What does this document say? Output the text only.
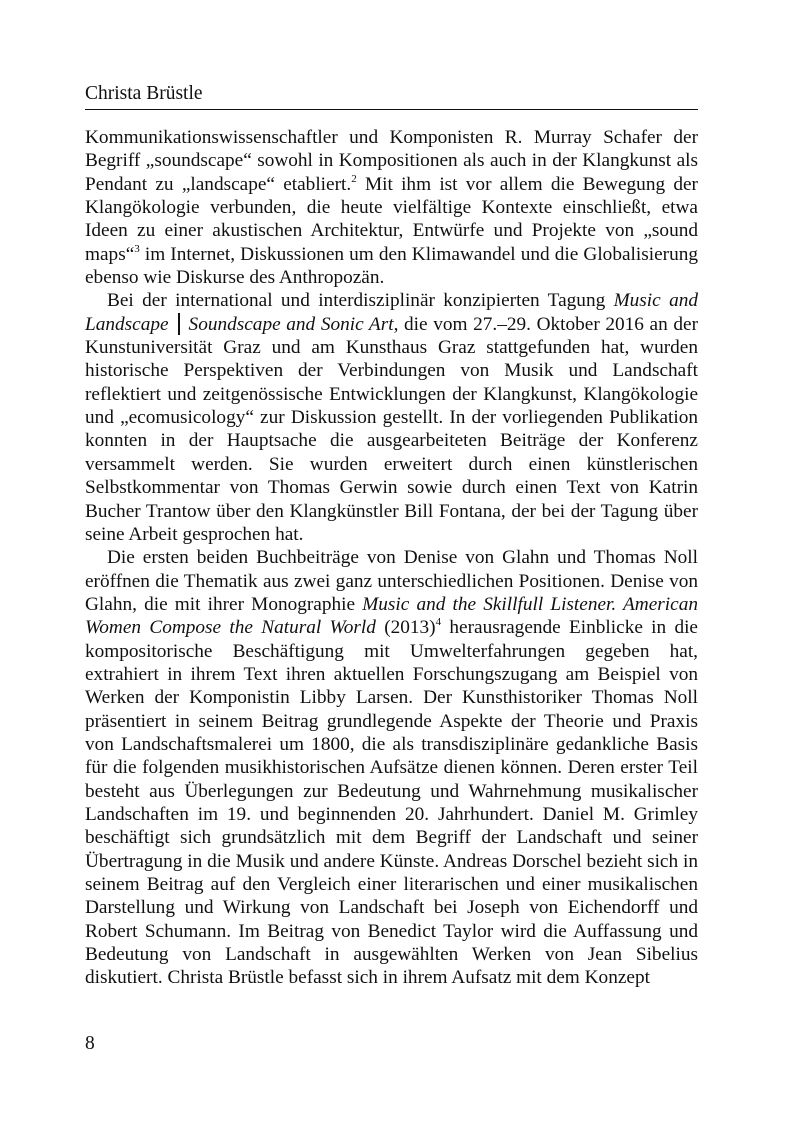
Christa Brüstle

Kommunikationswissenschaftler und Komponisten R. Murray Schafer der Begriff „soundscape“ sowohl in Kompositionen als auch in der Klangkunst als Pendant zu „landscape“ etabliert.$^2$ Mit ihm ist vor allem die Bewegung der Klangökologie verbunden, die heute vielfältige Kontexte einschließt, etwa Ideen zu einer akustischen Architektur, Entwürfe und Projekte von „sound maps“$^3$ im Internet, Diskussionen um den Klimawandel und die Globalisierung ebenso wie Diskurse des Anthropozän.

Bei der international und interdisziplinär konzipierten Tagung Music and Landscape Soundscape and Sonic Art, die vom 27.–29. Oktober 2016 an der Kunstuniversität Graz und am Kunsthaus Graz stattgefunden hat, wurden historische Perspektiven der Verbindungen von Musik und Landschaft reflektiert und zeitgenössische Entwicklungen der Klangkunst, Klangökologie und „ecomusicology“ zur Diskussion gestellt. In der vorliegenden Publikation konnten in der Hauptsache die ausgearbeiteten Beiträge der Konferenz versammelt werden. Sie wurden erweitert durch einen künstlerischen Selbstkommentar von Thomas Gerwin sowie durch einen Text von Katrin Bucher Trantow über den Klangkünstler Bill Fontana, der bei der Tagung über seine Arbeit gesprochen hat.

Die ersten beiden Buchbeiträge von Denise von Glahn und Thomas Noll eröffnen die Thematik aus zwei ganz unterschiedlichen Positionen. Denise von Glahn, die mit ihrer Monographie Music and the Skillfull Listener. American Women Compose the Natural World $(2013)^4$ herausragende Einblicke in die kompositorische Beschäftigung mit Umwelterfahrungen gegeben hat, extrahiert in ihrem Text ihren aktuellen Forschungszugang am Beispiel von Werken der Komponistin Libby Larsen. Der Kunsthistoriker Thomas Noll präsentiert in seinem Beitrag grundlegende Aspekte der Theorie und Praxis von Landschaftsmalerei um 1800, die als transdisziplinäre gedankliche Basis für die folgenden musikhistorischen Aufsätze dienen können. Deren erster Teil besteht aus Überlegungen zur Bedeutung und Wahrnehmung musikalischer Landschaften im 19. und beginnenden 20. Jahrhundert. Daniel M. Grimley beschäftigt sich grundsätzlich mit dem Begriff der Landschaft und seiner Übertragung in die Musik und andere Künste. Andreas Dorschel bezieht sich in seinem Beitrag auf den Vergleich einer literarischen und einer musikalischen Darstellung und Wirkung von Landschaft bei Joseph von Eichendorff und Robert Schumann. Im Beitrag von Benedict Taylor wird die Auffassung und Bedeutung von Landschaft in ausgewählten Werken von Jean Sibelius diskutiert. Christa Brüstle befasst sich in ihrem Aufsatz mit dem Konzept

8
